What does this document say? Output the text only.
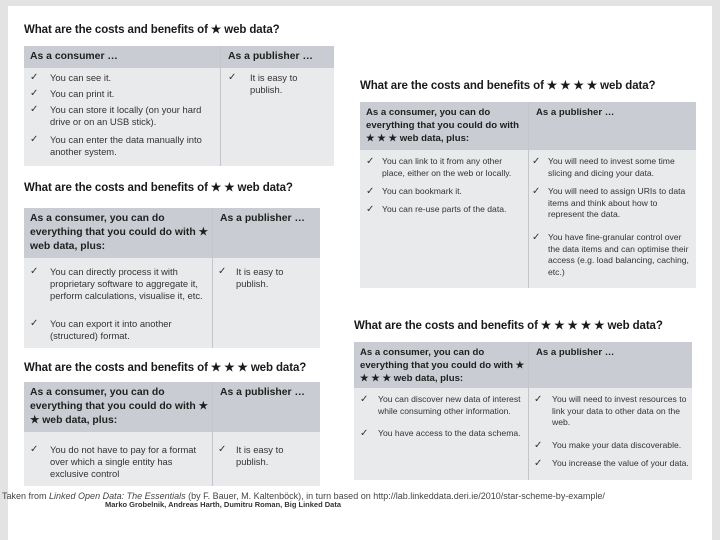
What are the costs and benefits of ★ web data?
As a consumer …	As a publisher …
✓ You can see it.
✓ You can print it.
✓ You can store it locally (on your hard drive or on an USB stick).
✓ You can enter the data manually into another system.
✓ It is easy to publish.
What are the costs and benefits of ★ ★ web data?
As a consumer, you can do everything that you could do with ★ web data, plus:
As a publisher …
✓ You can directly process it with proprietary software to aggregate it, perform calculations, visualise it, etc.
✓ You can export it into another (structured) format.
✓ It is easy to publish.
What are the costs and benefits of ★ ★ ★ web data?
As a consumer, you can do everything that you could do with ★ ★ web data, plus:
As a publisher …
✓ You do not have to pay for a format over which a single entity has exclusive control
✓ It is easy to publish.
What are the costs and benefits of ★ ★ ★ ★ web data?
As a consumer, you can do everything that you could do with ★ ★ ★ web data, plus:
As a publisher …
✓ You can link to it from any other place, either on the web or locally.
✓ You can bookmark it.
✓ You can re-use parts of the data.
✓ You will need to invest some time slicing and dicing your data.
✓ You will need to assign URIs to data items and think about how to represent the data.
✓ You have fine-granular control over the data items and can optimise their access (e.g. load balancing, caching, etc.)
What are the costs and benefits of ★ ★ ★ ★ ★ web data?
As a consumer, you can do everything that you could do with ★ ★ ★ ★ web data, plus:
As a publisher …
✓ You can discover new data of interest while consuming other information.
✓ You have access to the data schema.
✓ You will need to invest resources to link your data to other data on the web.
✓ You make your data discoverable.
✓ You increase the value of your data.
Taken from Linked Open Data: The Essentials (by F. Bauer, M. Kaltenböck), in turn based on http://lab.linkeddata.deri.ie/2010/star-scheme-by-example/
Marko Grobelnik, Andreas Harth, Dumitru Roman, Big Linked Data
